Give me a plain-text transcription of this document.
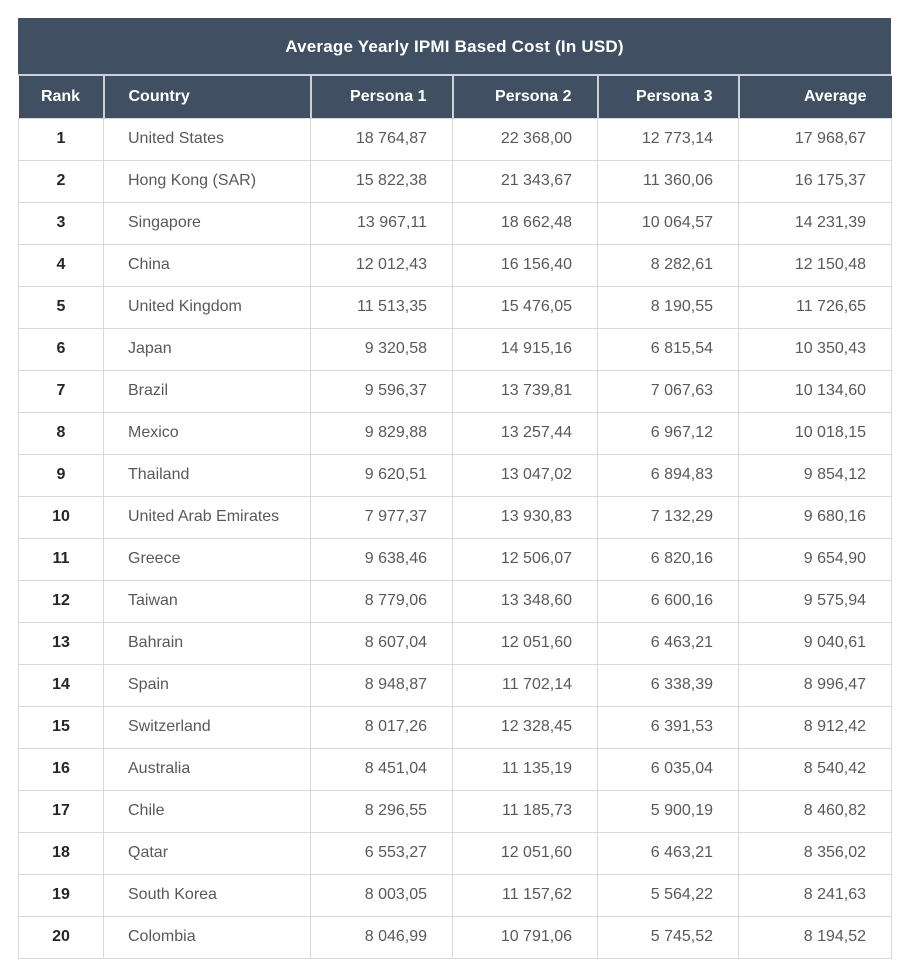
Average Yearly IPMI Based Cost (In USD)
Rank	Country	Persona 1	Persona 2	Persona 3	Average
1	United States	18 764,87	22 368,00	12 773,14	17 968,67
2	Hong Kong (SAR)	15 822,38	21 343,67	11 360,06	16 175,37
3	Singapore	13 967,11	18 662,48	10 064,57	14 231,39
4	China	12 012,43	16 156,40	8 282,61	12 150,48
5	United Kingdom	11 513,35	15 476,05	8 190,55	11 726,65
6	Japan	9 320,58	14 915,16	6 815,54	10 350,43
7	Brazil	9 596,37	13 739,81	7 067,63	10 134,60
8	Mexico	9 829,88	13 257,44	6 967,12	10 018,15
9	Thailand	9 620,51	13 047,02	6 894,83	9 854,12
10	United Arab Emirates	7 977,37	13 930,83	7 132,29	9 680,16
11	Greece	9 638,46	12 506,07	6 820,16	9 654,90
12	Taiwan	8 779,06	13 348,60	6 600,16	9 575,94
13	Bahrain	8 607,04	12 051,60	6 463,21	9 040,61
14	Spain	8 948,87	11 702,14	6 338,39	8 996,47
15	Switzerland	8 017,26	12 328,45	6 391,53	8 912,42
16	Australia	8 451,04	11 135,19	6 035,04	8 540,42
17	Chile	8 296,55	11 185,73	5 900,19	8 460,82
18	Qatar	6 553,27	12 051,60	6 463,21	8 356,02
19	South Korea	8 003,05	11 157,62	5 564,22	8 241,63
20	Colombia	8 046,99	10 791,06	5 745,52	8 194,52
